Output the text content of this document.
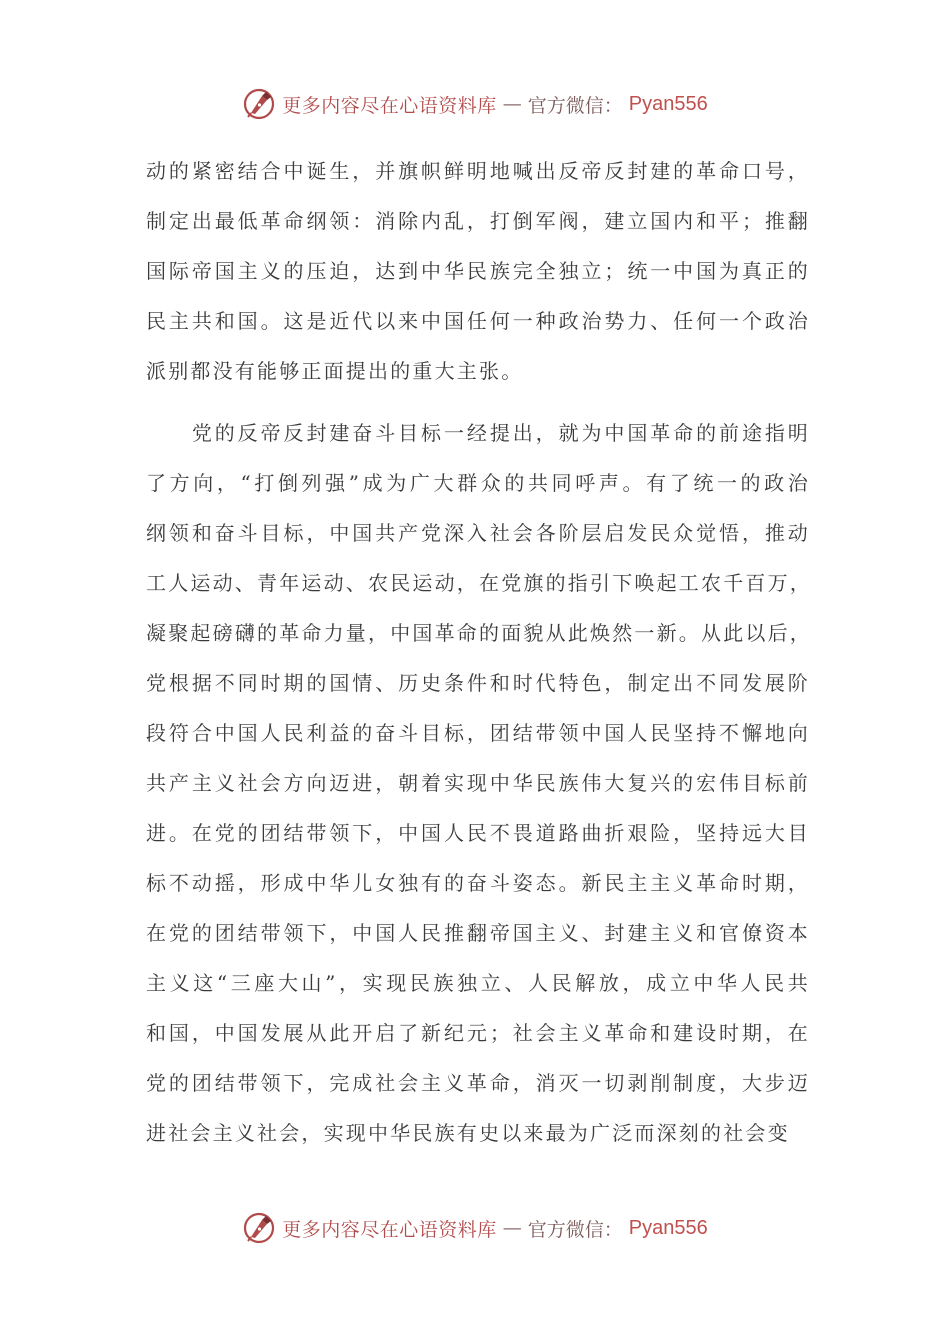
更多内容尽在心语资料库 — 官方微信： Pyan556
动的紧密结合中诞生，并旗帜鲜明地喊出反帝反封建的革命口号，
制定出最低革命纲领：消除内乱，打倒军阀，建立国内和平；推翻
国际帝国主义的压迫，达到中华民族完全独立；统一中国为真正的
民主共和国。这是近代以来中国任何一种政治势力、任何一个政治
派别都没有能够正面提出的重大主张。
　　党的反帝反封建奋斗目标一经提出，就为中国革命的前途指明
了方向，“打倒列强”成为广大群众的共同呼声。有了统一的政治
纲领和奋斗目标，中国共产党深入社会各阶层启发民众觉悟，推动
工人运动、青年运动、农民运动，在党旗的指引下唤起工农千百万，
凝聚起磅礴的革命力量，中国革命的面貌从此焕然一新。从此以后，
党根据不同时期的国情、历史条件和时代特色，制定出不同发展阶
段符合中国人民利益的奋斗目标，团结带领中国人民坚持不懈地向
共产主义社会方向迈进，朝着实现中华民族伟大复兴的宏伟目标前
进。在党的团结带领下，中国人民不畏道路曲折艰险，坚持远大目
标不动摇，形成中华儿女独有的奋斗姿态。新民主主义革命时期，
在党的团结带领下，中国人民推翻帝国主义、封建主义和官僚资本
主义这“三座大山”，实现民族独立、人民解放，成立中华人民共
和国，中国发展从此开启了新纪元；社会主义革命和建设时期，在
党的团结带领下，完成社会主义革命，消灭一切剥削制度，大步迈
进社会主义社会，实现中华民族有史以来最为广泛而深刻的社会变
更多内容尽在心语资料库 — 官方微信： Pyan556
